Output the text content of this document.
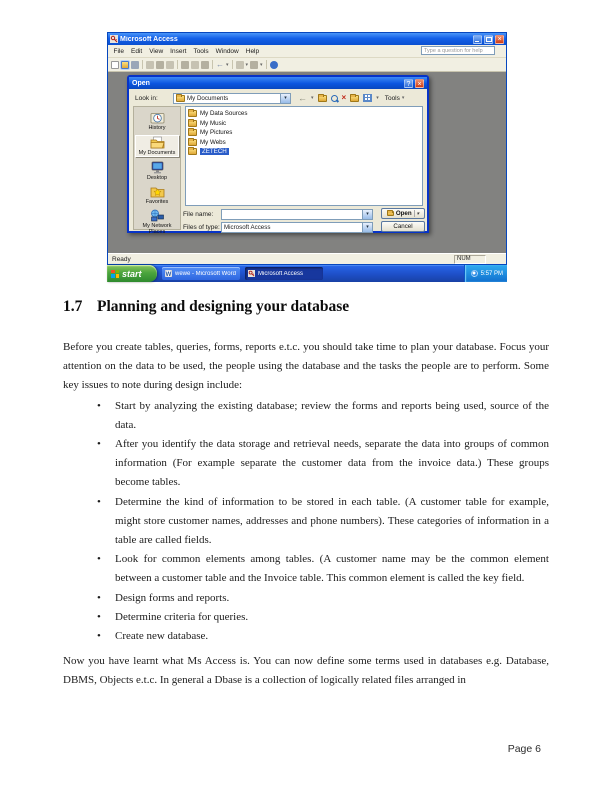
Microsoft Access
×
File	Edit	View	Insert	Tools	Window	Help	Type a question for help
←
▾
▾
▾
Open
?
×
Look in:	My Documents ▾ ← ▾ × ▾	Tools
▾
History
My Documents
Desktop
Favorites
My Network Places
My Data Sources
My Music
My Pictures
My Webs
ZETECH
File name:
▾
Files of type: Microsoft Access
▾
Open
▾
Cancel
Ready	NUM
start	W wewe - Microsoft Word	Microsoft Access	5:57 PM
1.7 Planning and designing your database

Before you create tables, queries, forms, reports e.t.c. you should take time to plan your database. Focus your attention on the data to be used, the people using the database and the tasks the people are to perform. Some key issues to note during design include:

• Start by analyzing the existing database; review the forms and reports being used, source of the data.
• After you identify the data storage and retrieval needs, separate the data into groups of common information (For example separate the customer data from the invoice data.) These groups become tables.
• Determine the kind of information to be stored in each table. (A customer table for example, might store customer names, addresses and phone numbers). These categories of information in a table are called fields.
• Look for common elements among tables. (A customer name may be the common element between a customer table and the Invoice table. This common element is called the key field.
• Design forms and reports.
• Determine criteria for queries.
• Create new database.

Now you have learnt what Ms Access is. You can now define some terms used in databases e.g. Database, DBMS, Objects e.t.c. In general a Dbase is a collection of logically related files arranged in

Page 6
